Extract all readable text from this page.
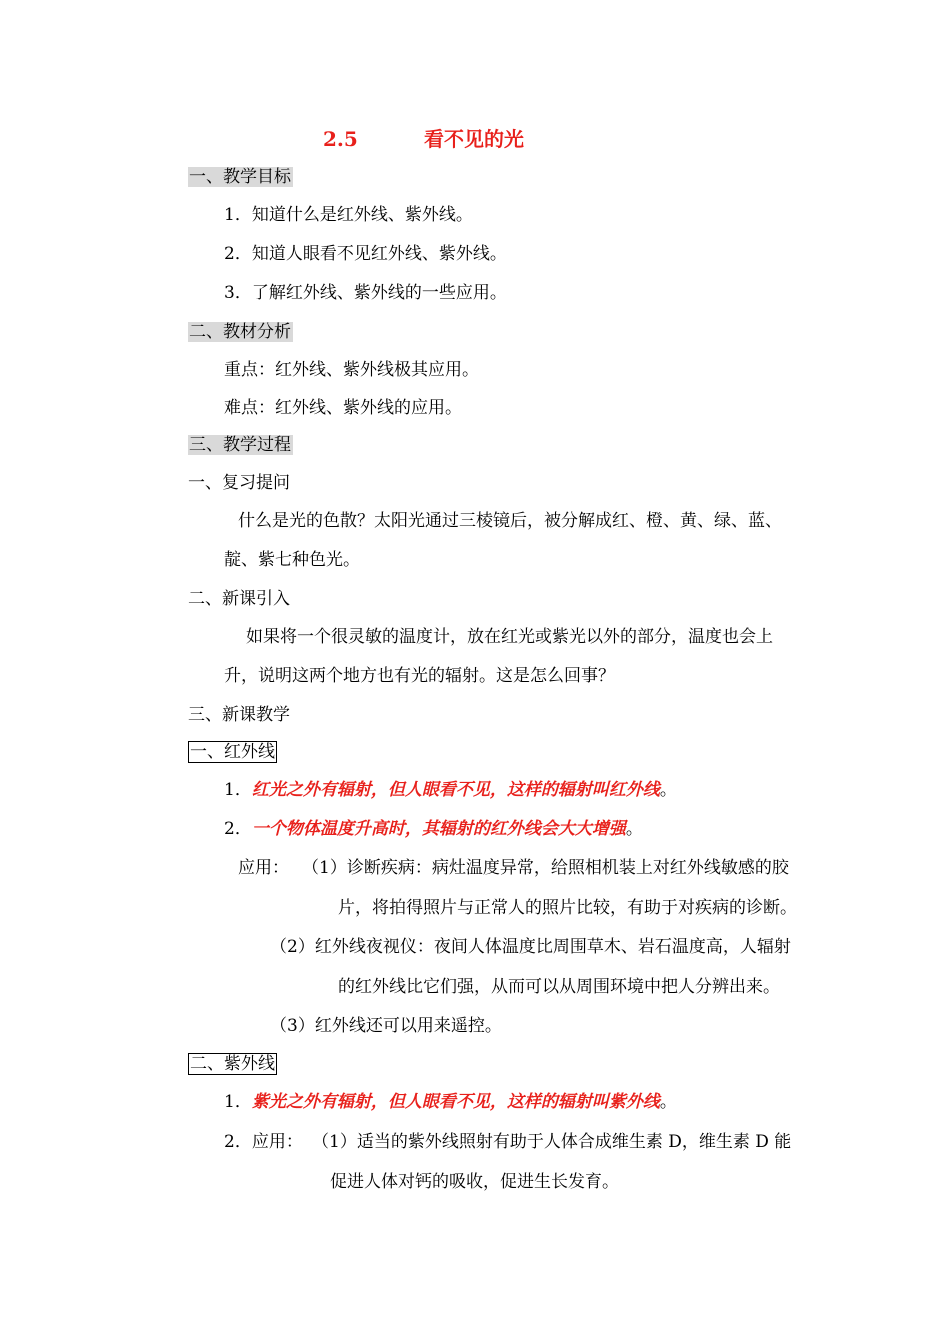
2.5	看不见的光
一、教学目标
1．知道什么是红外线、紫外线。
2．知道人眼看不见红外线、紫外线。
3．了解红外线、紫外线的一些应用。
二、教材分析
重点：红外线、紫外线极其应用。
难点：红外线、紫外线的应用。
三、教学过程
一、复习提问
什么是光的色散？太阳光通过三棱镜后，被分解成红、橙、黄、绿、蓝、
靛、紫七种色光。
二、新课引入
如果将一个很灵敏的温度计，放在红光或紫光以外的部分，温度也会上
升，说明这两个地方也有光的辐射。这是怎么回事？
三、新课教学
一、红外线
1．红光之外有辐射，但人眼看不见，这样的辐射叫红外线。
2．一个物体温度升高时，其辐射的红外线会大大增强。
应用： （1）诊断疾病：病灶温度异常，给照相机装上对红外线敏感的胶
片，将拍得照片与正常人的照片比较，有助于对疾病的诊断。
（2）红外线夜视仪：夜间人体温度比周围草木、岩石温度高，人辐射
的红外线比它们强，从而可以从周围环境中把人分辨出来。
（3）红外线还可以用来遥控。
二、紫外线
1．紫光之外有辐射，但人眼看不见，这样的辐射叫紫外线。
2．应用： （1）适当的紫外线照射有助于人体合成维生素 D，维生素 D 能
促进人体对钙的吸收，促进生长发育。
